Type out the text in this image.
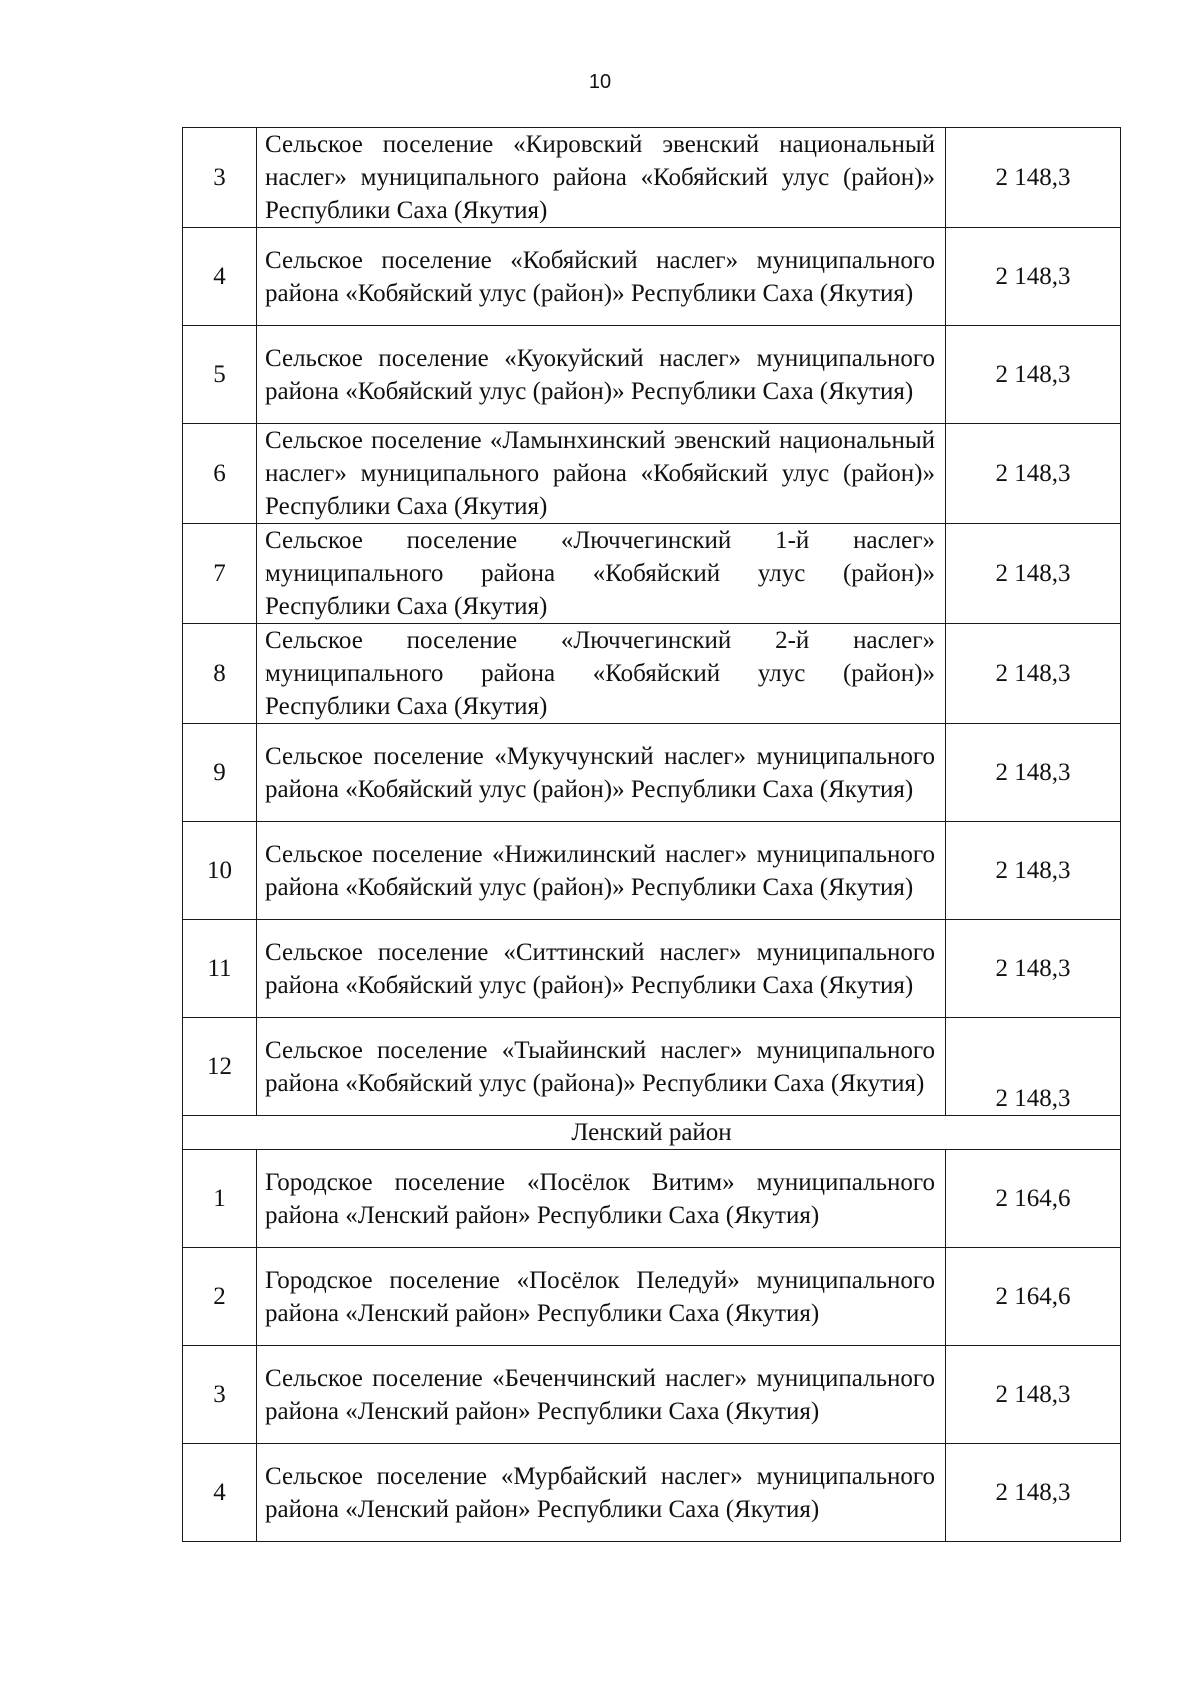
10
3	Сельское поселение «Кировский эвенский национальный наслег» муниципального района «Кобяйский улус (район)» Республики Саха (Якутия)	2 148,3
4	Сельское поселение «Кобяйский наслег» муниципального района «Кобяйский улус (район)» Республики Саха (Якутия)	2 148,3
5	Сельское поселение «Куокуйский наслег» муниципального района «Кобяйский улус (район)» Республики Саха (Якутия)	2 148,3
6	Сельское поселение «Ламынхинский эвенский национальный наслег» муниципального района «Кобяйский улус (район)» Республики Саха (Якутия)	2 148,3
7	Сельское поселение «Люччегинский 1-й наслег» муниципального района «Кобяйский улус (район)» Республики Саха (Якутия)	2 148,3
8	Сельское поселение «Люччегинский 2-й наслег» муниципального района «Кобяйский улус (район)» Республики Саха (Якутия)	2 148,3
9	Сельское поселение «Мукучунский наслег» муниципального района «Кобяйский улус (район)» Республики Саха (Якутия)	2 148,3
10	Сельское поселение «Нижилинский наслег» муниципального района «Кобяйский улус (район)» Республики Саха (Якутия)	2 148,3
11	Сельское поселение «Ситтинский наслег» муниципального района «Кобяйский улус (район)» Республики Саха (Якутия)	2 148,3
12	Сельское поселение «Тыайинский наслег» муниципального района «Кобяйский улус (района)» Республики Саха (Якутия)	2 148,3
Ленский район		
1	Городское поселение «Посёлок Витим» муниципального района «Ленский район» Республики Саха (Якутия)	2 164,6
2	Городское поселение «Посёлок Пеледуй» муниципального района «Ленский район» Республики Саха (Якутия)	2 164,6
3	Сельское поселение «Беченчинский наслег» муниципального района «Ленский район» Республики Саха (Якутия)	2 148,3
4	Сельское поселение «Мурбайский наслег» муниципального района «Ленский район» Республики Саха (Якутия)	2 148,3
